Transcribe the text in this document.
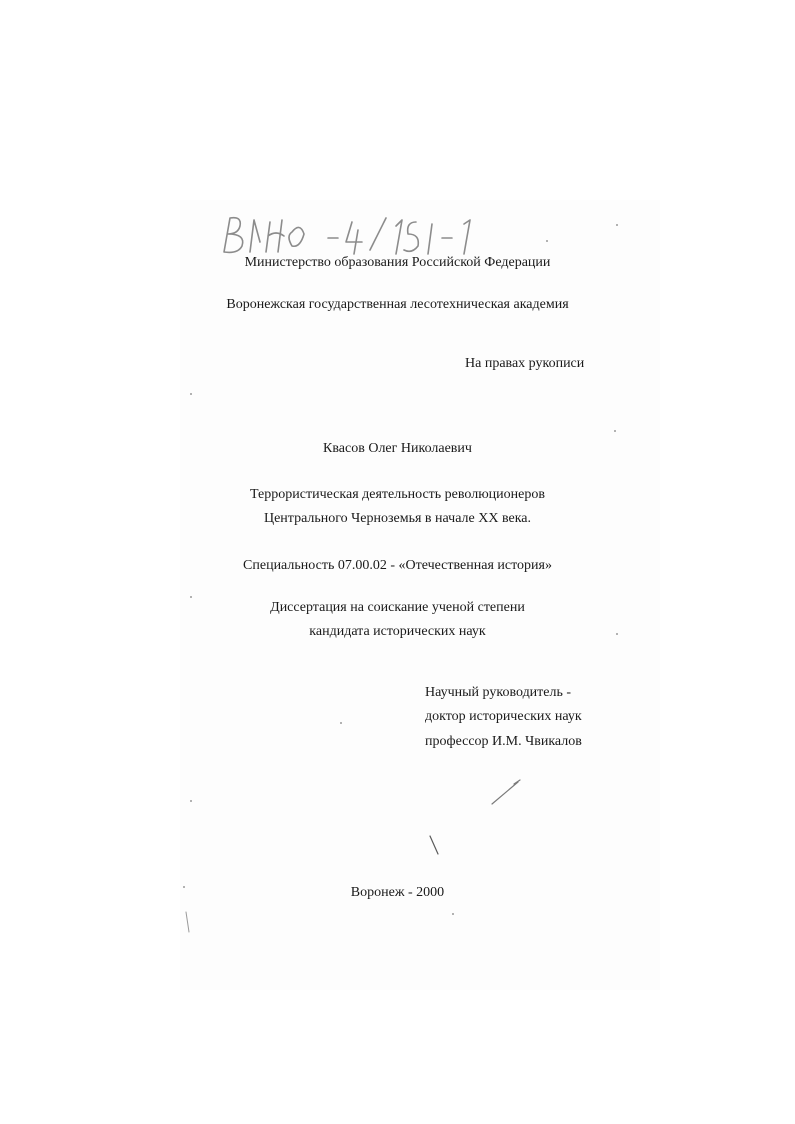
Министерство образования Российской Федерации
Воронежская государственная лесотехническая академия
На правах рукописи
Квасов Олег Николаевич
Террористическая деятельность революционеров
Центрального Черноземья в начале XX века.
Специальность 07.00.02 - «Отечественная история»
Диссертация на соискание ученой степени
кандидата исторических наук
Научный руководитель -
доктор исторических наук
профессор И.М. Чвикалов
Воронеж - 2000
